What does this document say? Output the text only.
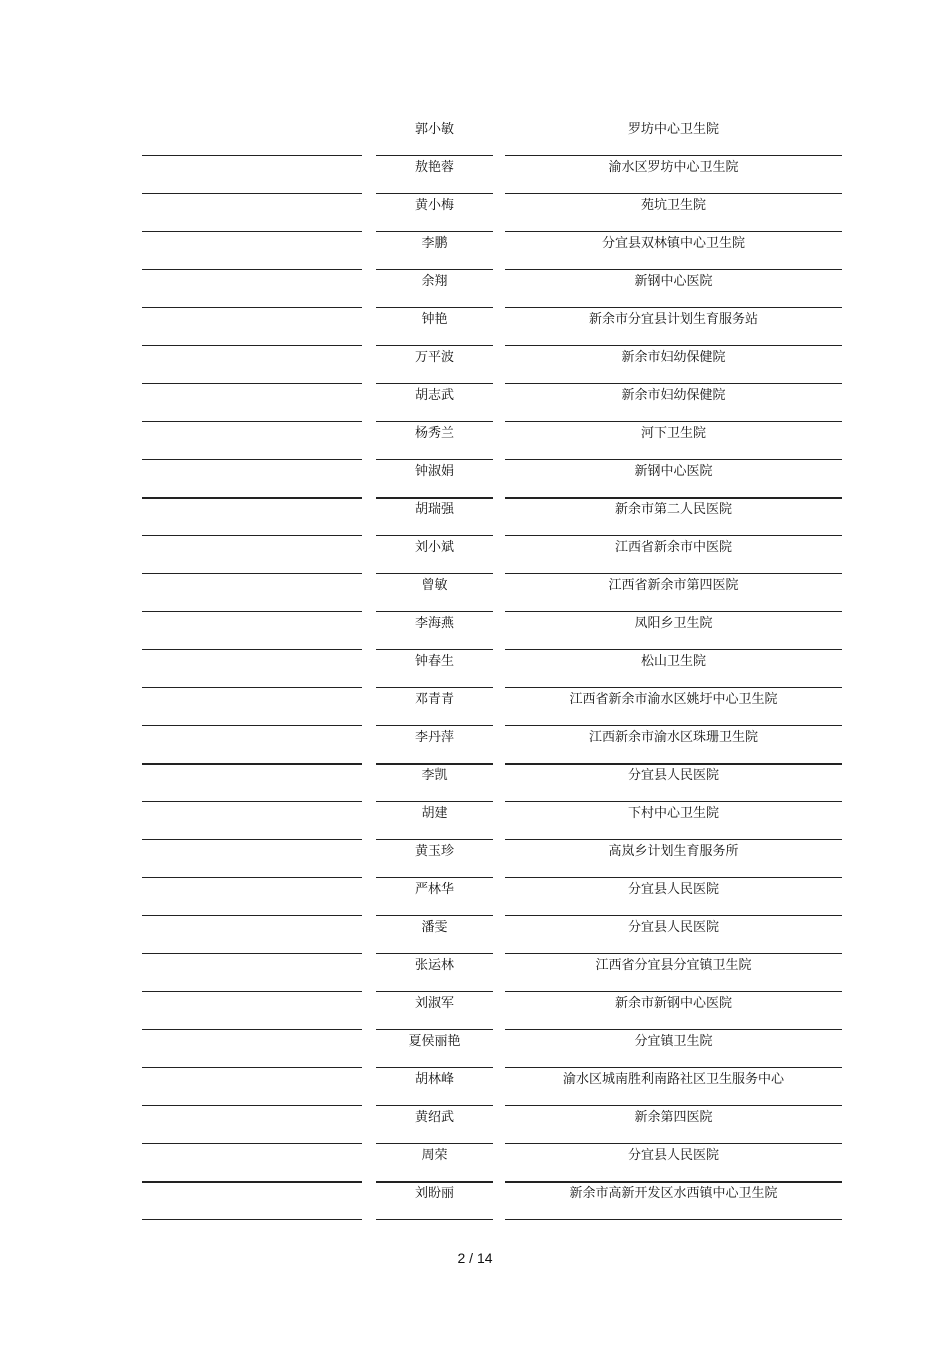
郭小敏	罗坊中心卫生院
敖艳蓉	渝水区罗坊中心卫生院
黄小梅	苑坑卫生院
李鹏	分宜县双林镇中心卫生院
余翔	新钢中心医院
钟艳	新余市分宜县计划生育服务站
万平波	新余市妇幼保健院
胡志武	新余市妇幼保健院
杨秀兰	河下卫生院
钟淑娟	新钢中心医院
胡瑞强	新余市第二人民医院
刘小斌	江西省新余市中医院
曾敏	江西省新余市第四医院
李海燕	凤阳乡卫生院
钟春生	松山卫生院
邓青青	江西省新余市渝水区姚圩中心卫生院
李丹萍	江西新余市渝水区珠珊卫生院
李凯	分宜县人民医院
胡建	下村中心卫生院
黄玉珍	高岚乡计划生育服务所
严林华	分宜县人民医院
潘雯	分宜县人民医院
张运林	江西省分宜县分宜镇卫生院
刘淑军	新余市新钢中心医院
夏侯丽艳	分宜镇卫生院
胡林峰	渝水区城南胜利南路社区卫生服务中心
黄绍武	新余第四医院
周荣	分宜县人民医院
刘盼丽	新余市高新开发区水西镇中心卫生院
2 / 14
